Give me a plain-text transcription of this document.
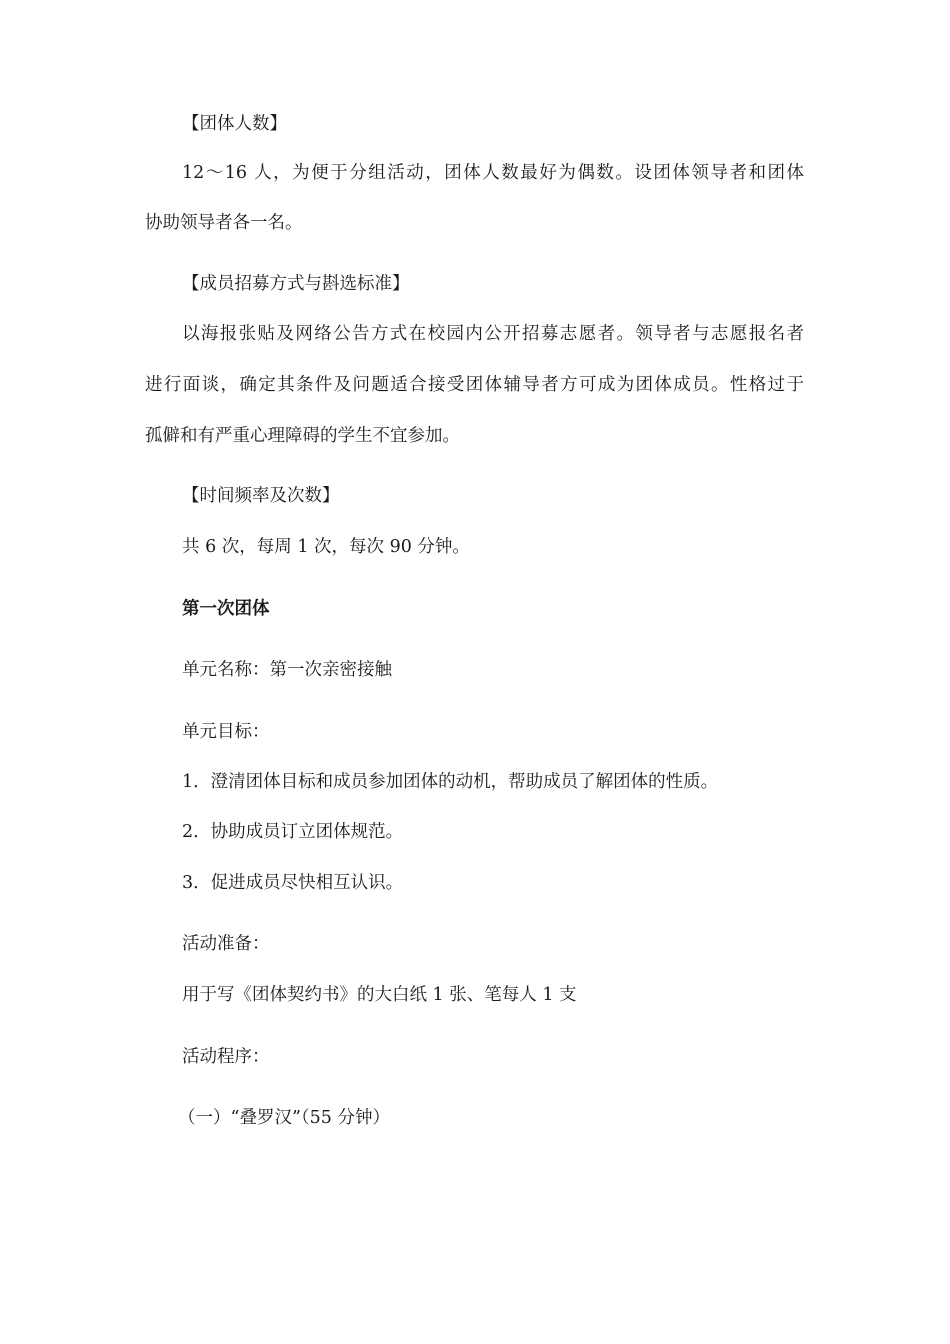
【团体人数】
12～16 人，为便于分组活动，团体人数最好为偶数。设团体领导者和团体
协助领导者各一名。
【成员招募方式与斟选标准】
以海报张贴及网络公告方式在校园内公开招募志愿者。领导者与志愿报名者
进行面谈，确定其条件及问题适合接受团体辅导者方可成为团体成员。性格过于
孤僻和有严重心理障碍的学生不宜参加。
【时间频率及次数】
共 6 次，每周 1 次，每次 90 分钟。
第一次团体
单元名称：第一次亲密接触
单元目标：
1．澄清团体目标和成员参加团体的动机，帮助成员了解团体的性质。
2．协助成员订立团体规范。
3．促进成员尽快相互认识。
活动准备：
用于写《团体契约书》的大白纸 1 张、笔每人 1 支
活动程序：
（一）“叠罗汉”（55 分钟）
